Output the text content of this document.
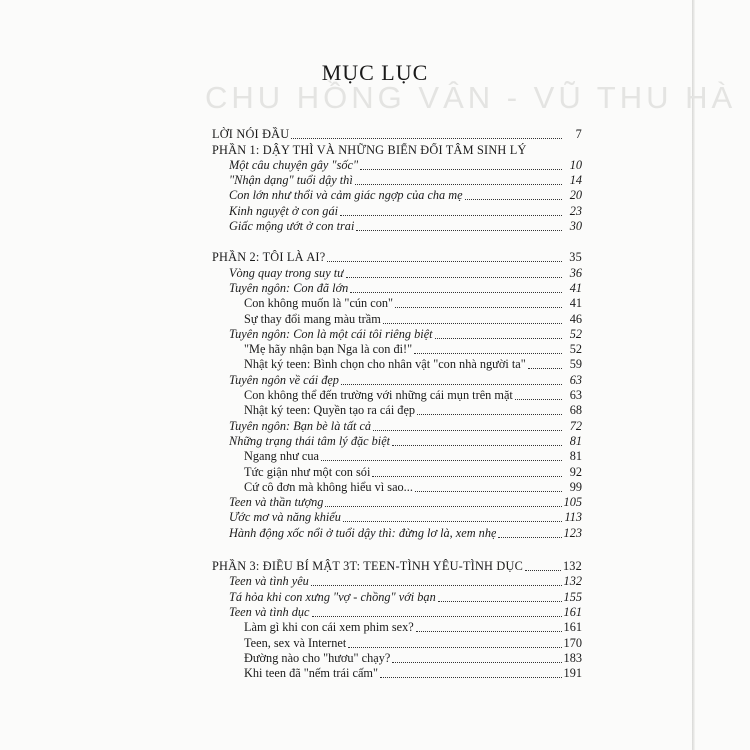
CHU HỒNG VÂN - VŨ THU HÀ
MỤC LỤC
LỜI NÓI ĐẦU	7
PHẦN 1: DẬY THÌ VÀ NHỮNG BIẾN ĐỔI TÂM SINH LÝ
Một câu chuyện gây "sốc"	10
"Nhận dạng" tuổi dậy thì	14
Con lớn như thổi và cảm giác ngợp của cha mẹ	20
Kinh nguyệt ở con gái	23
Giấc mộng ướt ở con trai	30
PHẦN 2: TÔI LÀ AI?	35
Vòng quay trong suy tư	36
Tuyên ngôn: Con đã lớn	41
Con không muốn là "cún con"	41
Sự thay đổi mang màu trầm	46
Tuyên ngôn: Con là một cái tôi riêng biệt	52
"Mẹ hãy nhận bạn Nga là con đi!"	52
Nhật ký teen: Bình chọn cho nhân vật "con nhà người ta"	59
Tuyên ngôn về cái đẹp	63
Con không thể đến trường với những cái mụn trên mặt	63
Nhật ký teen: Quyền tạo ra cái đẹp	68
Tuyên ngôn: Bạn bè là tất cả	72
Những trạng thái tâm lý đặc biệt	81
Ngang như cua	81
Tức giận như một con sói	92
Cứ cô đơn mà không hiểu vì sao...	99
Teen và thần tượng	105
Ước mơ và năng khiếu	113
Hành động xốc nổi ở tuổi dậy thì: đừng lơ là, xem nhẹ	123
PHẦN 3: ĐIỀU BÍ MẬT 3T: TEEN-TÌNH YÊU-TÌNH DỤC	132
Teen và tình yêu	132
Tá hỏa khi con xưng "vợ - chồng" với bạn	155
Teen và tình dục	161
Làm gì khi con cái xem phim sex?	161
Teen, sex và Internet	170
Đường nào cho "hươu" chạy?	183
Khi teen đã "nếm trái cấm"	191
